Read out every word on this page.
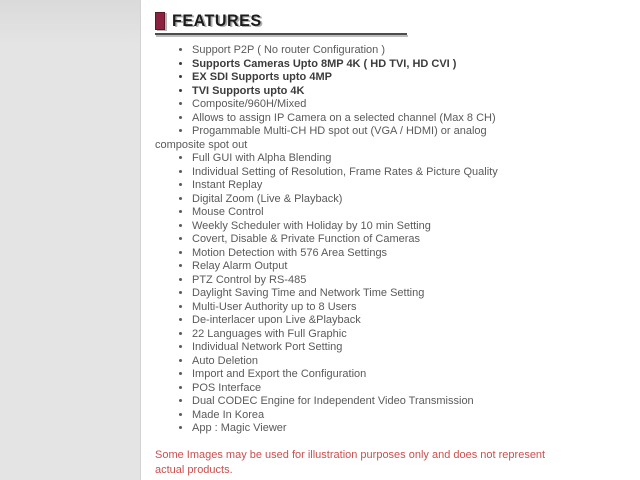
FEATURES
• Support P2P ( No router Configuration )
• Supports Cameras Upto 8MP 4K ( HD TVI, HD CVI )
• EX SDI Supports upto 4MP
• TVI Supports upto 4K
• Composite/960H/Mixed
• Allows to assign IP Camera on a selected channel (Max 8 CH)
• Progammable Multi-CH HD spot out (VGA / HDMI) or analog
composite spot out
• Full GUI with Alpha Blending
• Individual Setting of Resolution, Frame Rates & Picture Quality
• Instant Replay
• Digital Zoom (Live & Playback)
• Mouse Control
• Weekly Scheduler with Holiday by 10 min Setting
• Covert, Disable & Private Function of Cameras
• Motion Detection with 576 Area Settings
• Relay Alarm Output
• PTZ Control by RS-485
• Daylight Saving Time and Network Time Setting
• Multi-User Authority up to 8 Users
• De-interlacer upon Live &Playback
• 22 Languages with Full Graphic
• Individual Network Port Setting
• Auto Deletion
• Import and Export the Configuration
• POS Interface
• Dual CODEC Engine for Independent Video Transmission
• Made In Korea
• App : Magic Viewer

Some Images may be used for illustration purposes only and does not represent actual products.
